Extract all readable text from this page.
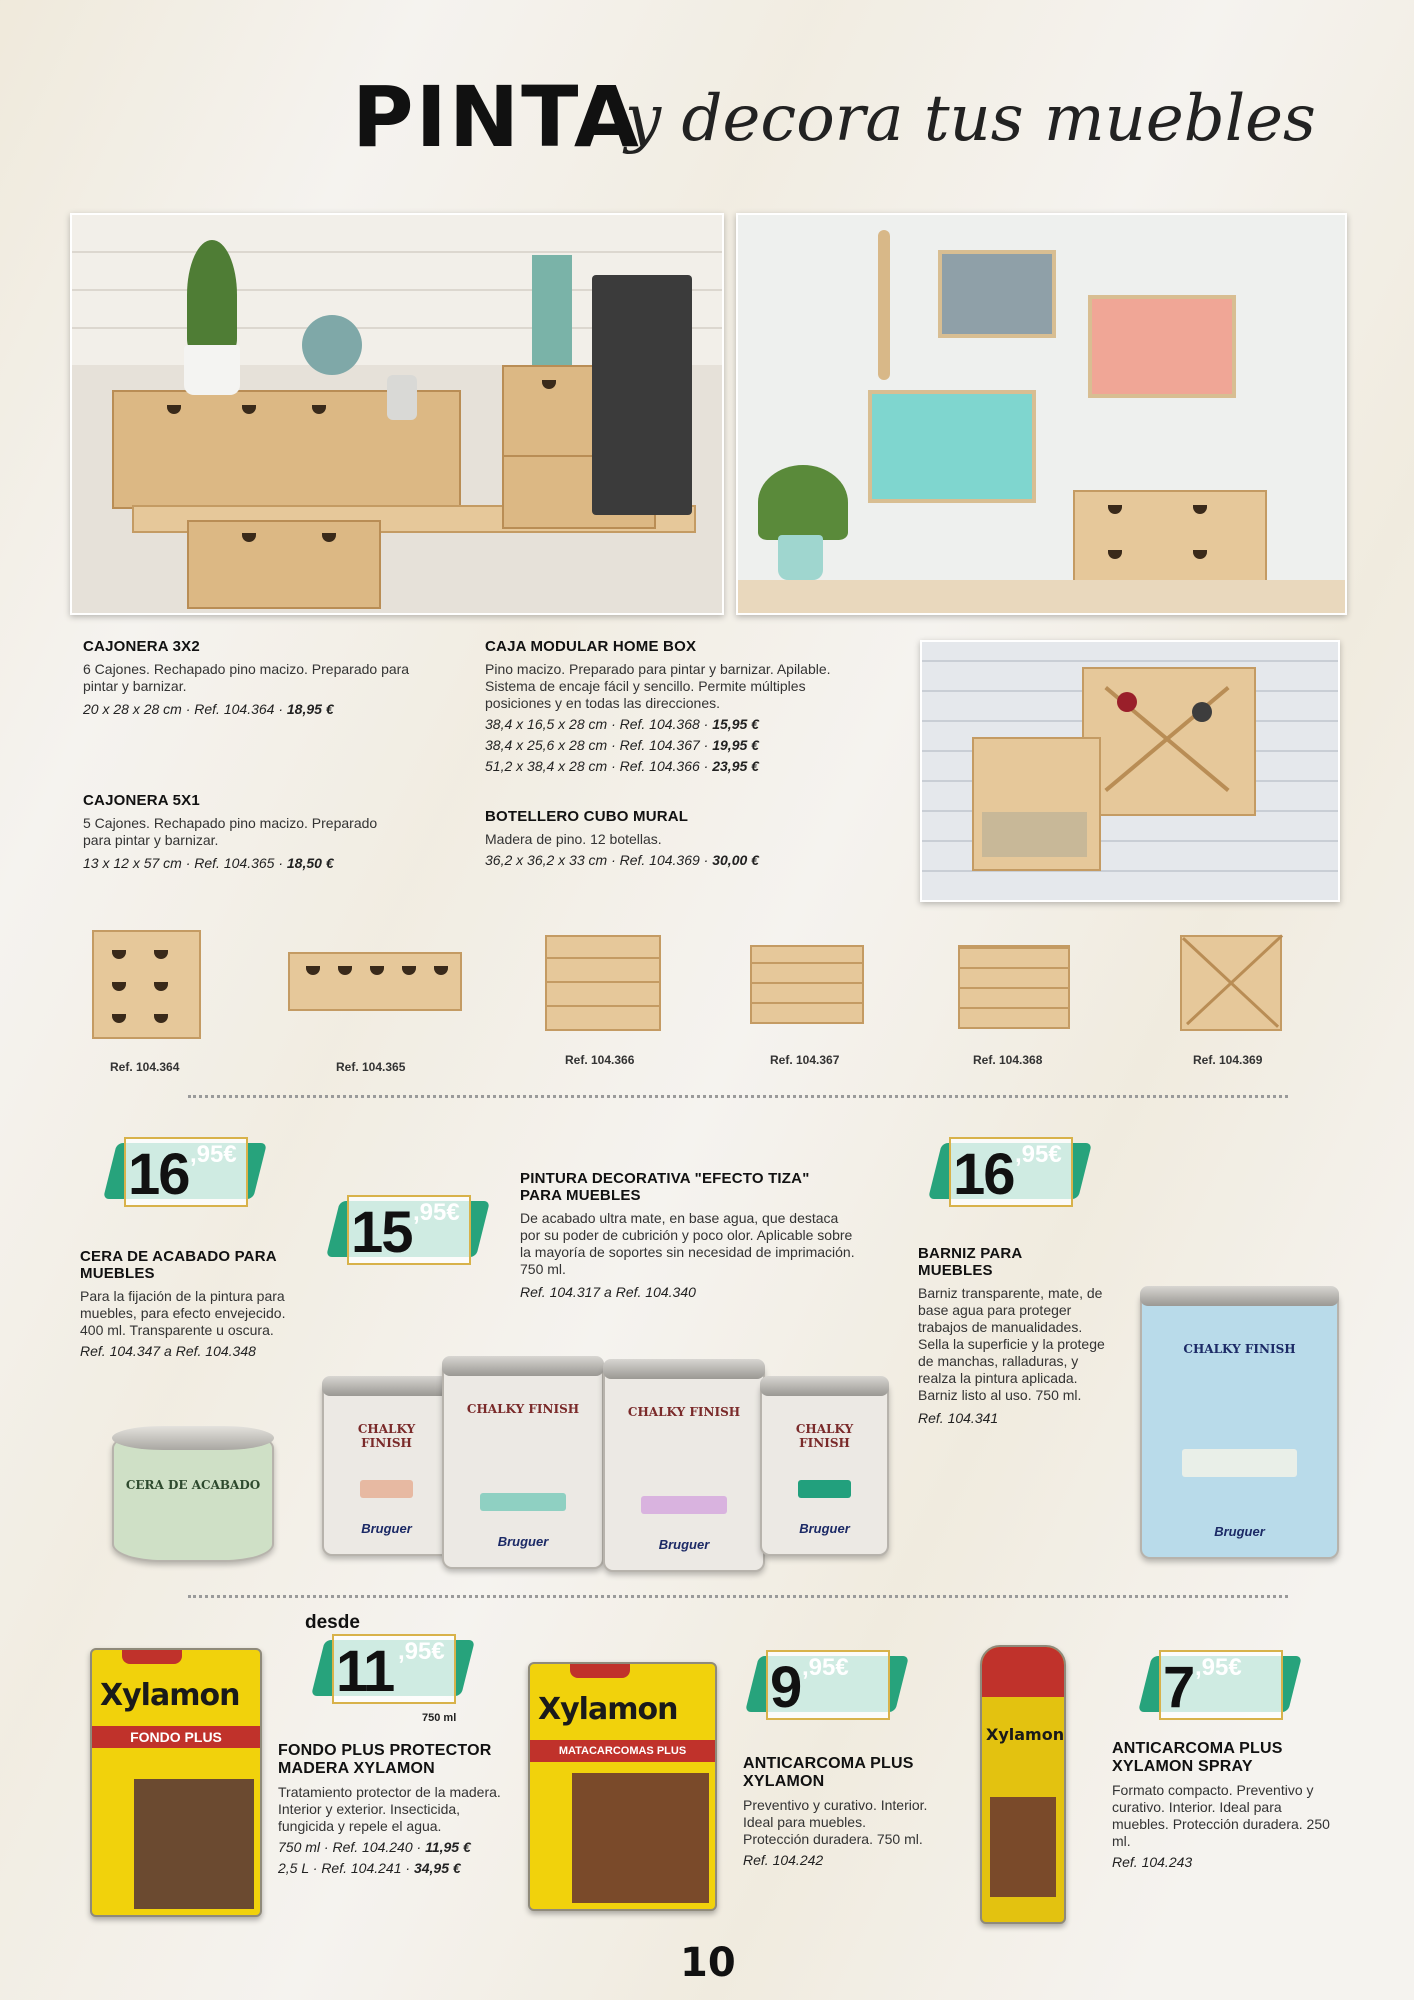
PINTA
y decora tus muebles
CAJONERA 3X2
6 Cajones. Rechapado pino macizo. Preparado para pintar y barnizar.
20 x 28 x 28 cm · Ref. 104.364 · 18,95 €
CAJONERA 5X1
5 Cajones. Rechapado pino macizo. Preparado para pintar y barnizar.
13 x 12 x 57 cm · Ref. 104.365 · 18,50 €
CAJA MODULAR HOME BOX
Pino macizo. Preparado para pintar y barnizar. Apilable. Sistema de encaje fácil y sencillo. Permite múltiples posiciones y en todas las direcciones.
38,4 x 16,5 x 28 cm · Ref. 104.368 · 15,95 €
38,4 x 25,6 x 28 cm · Ref. 104.367 · 19,95 €
51,2 x 38,4 x 28 cm · Ref. 104.366 · 23,95 €
BOTELLERO CUBO MURAL
Madera de pino. 12 botellas.
36,2 x 36,2 x 33 cm · Ref. 104.369 · 30,00 €
Ref. 104.364	Ref. 104.365	Ref. 104.366	Ref. 104.367	Ref. 104.368	Ref. 104.369
16 ,95€
15 ,95€
16 ,95€
CERA DE ACABADO PARA
MUEBLES
Para la fijación de la pintura para muebles, para efecto envejecido. 400 ml. Transparente u oscura.
Ref. 104.347 a Ref. 104.348
PINTURA DECORATIVA "EFECTO TIZA"
PARA MUEBLES
De acabado ultra mate, en base agua, que destaca por su poder de cubrición y poco olor. Aplicable sobre la mayoría de soportes sin necesidad de imprimación. 750 ml.
Ref. 104.317 a Ref. 104.340
BARNIZ PARA
MUEBLES
Barniz transparente, mate, de base agua para proteger trabajos de manualidades. Sella la superficie y la protege de manchas, ralladuras, y realza la pintura aplicada. Barniz listo al uso. 750 ml.
Ref. 104.341
CERA DE ACABADO
CHALKY FINISH
Bruguer
CHALKY FINISH
Bruguer
CHALKY FINISH
Bruguer
CHALKY FINISH
Bruguer
CHALKY FINISH
Bruguer
Xylamon
FONDO PLUS
desde
11 ,95€
750 ml
FONDO PLUS PROTECTOR
MADERA XYLAMON
Tratamiento protector de la madera. Interior y exterior. Insecticida, fungicida y repele el agua.
750 ml · Ref. 104.240 · 11,95 €
2,5 L · Ref. 104.241 · 34,95 €
Xylamon
MATACARCOMAS PLUS
9 ,95€
ANTICARCOMA PLUS
XYLAMON
Preventivo y curativo. Interior. Ideal para muebles. Protección duradera. 750 ml.
Ref. 104.242
Xylamon
7 ,95€
ANTICARCOMA PLUS
XYLAMON SPRAY
Formato compacto. Preventivo y curativo. Interior. Ideal para muebles. Protección duradera. 250 ml.
Ref. 104.243
10
